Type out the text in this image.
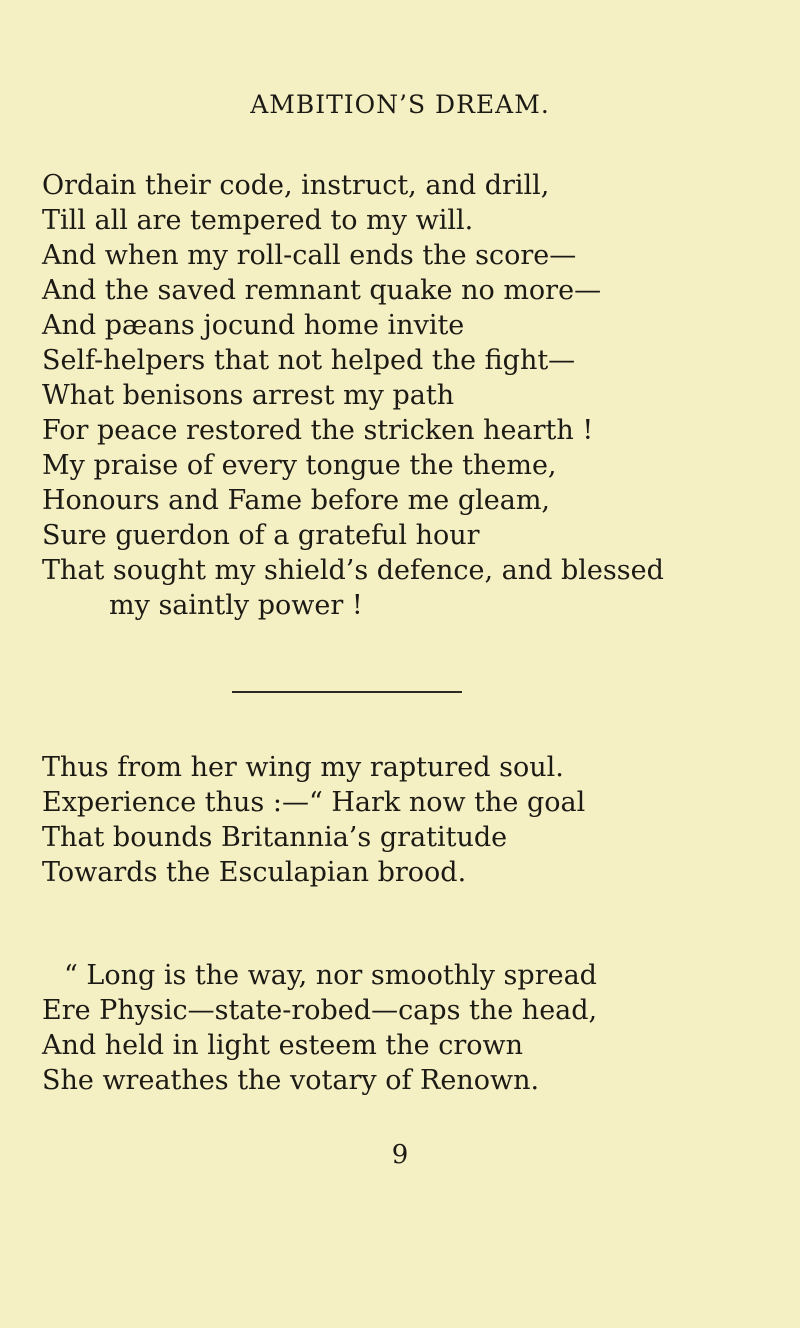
AMBITION’S DREAM.
Ordain their code, instruct, and drill,
Till all are tempered to my will.
And when my roll-call ends the score—
And the saved remnant quake no more—
And pæans jocund home invite
Self-helpers that not helped the fight—
What benisons arrest my path
For peace restored the stricken hearth !
My praise of every tongue the theme,
Honours and Fame before me gleam,
Sure guerdon of a grateful hour
That sought my shield’s defence, and blessed
my saintly power !
Thus from her wing my raptured soul.
Experience thus :—“ Hark now the goal
That bounds Britannia’s gratitude
Towards the Esculapian brood.
“ Long is the way, nor smoothly spread
Ere Physic—state-robed—caps the head,
And held in light esteem the crown
She wreathes the votary of Renown.
9
